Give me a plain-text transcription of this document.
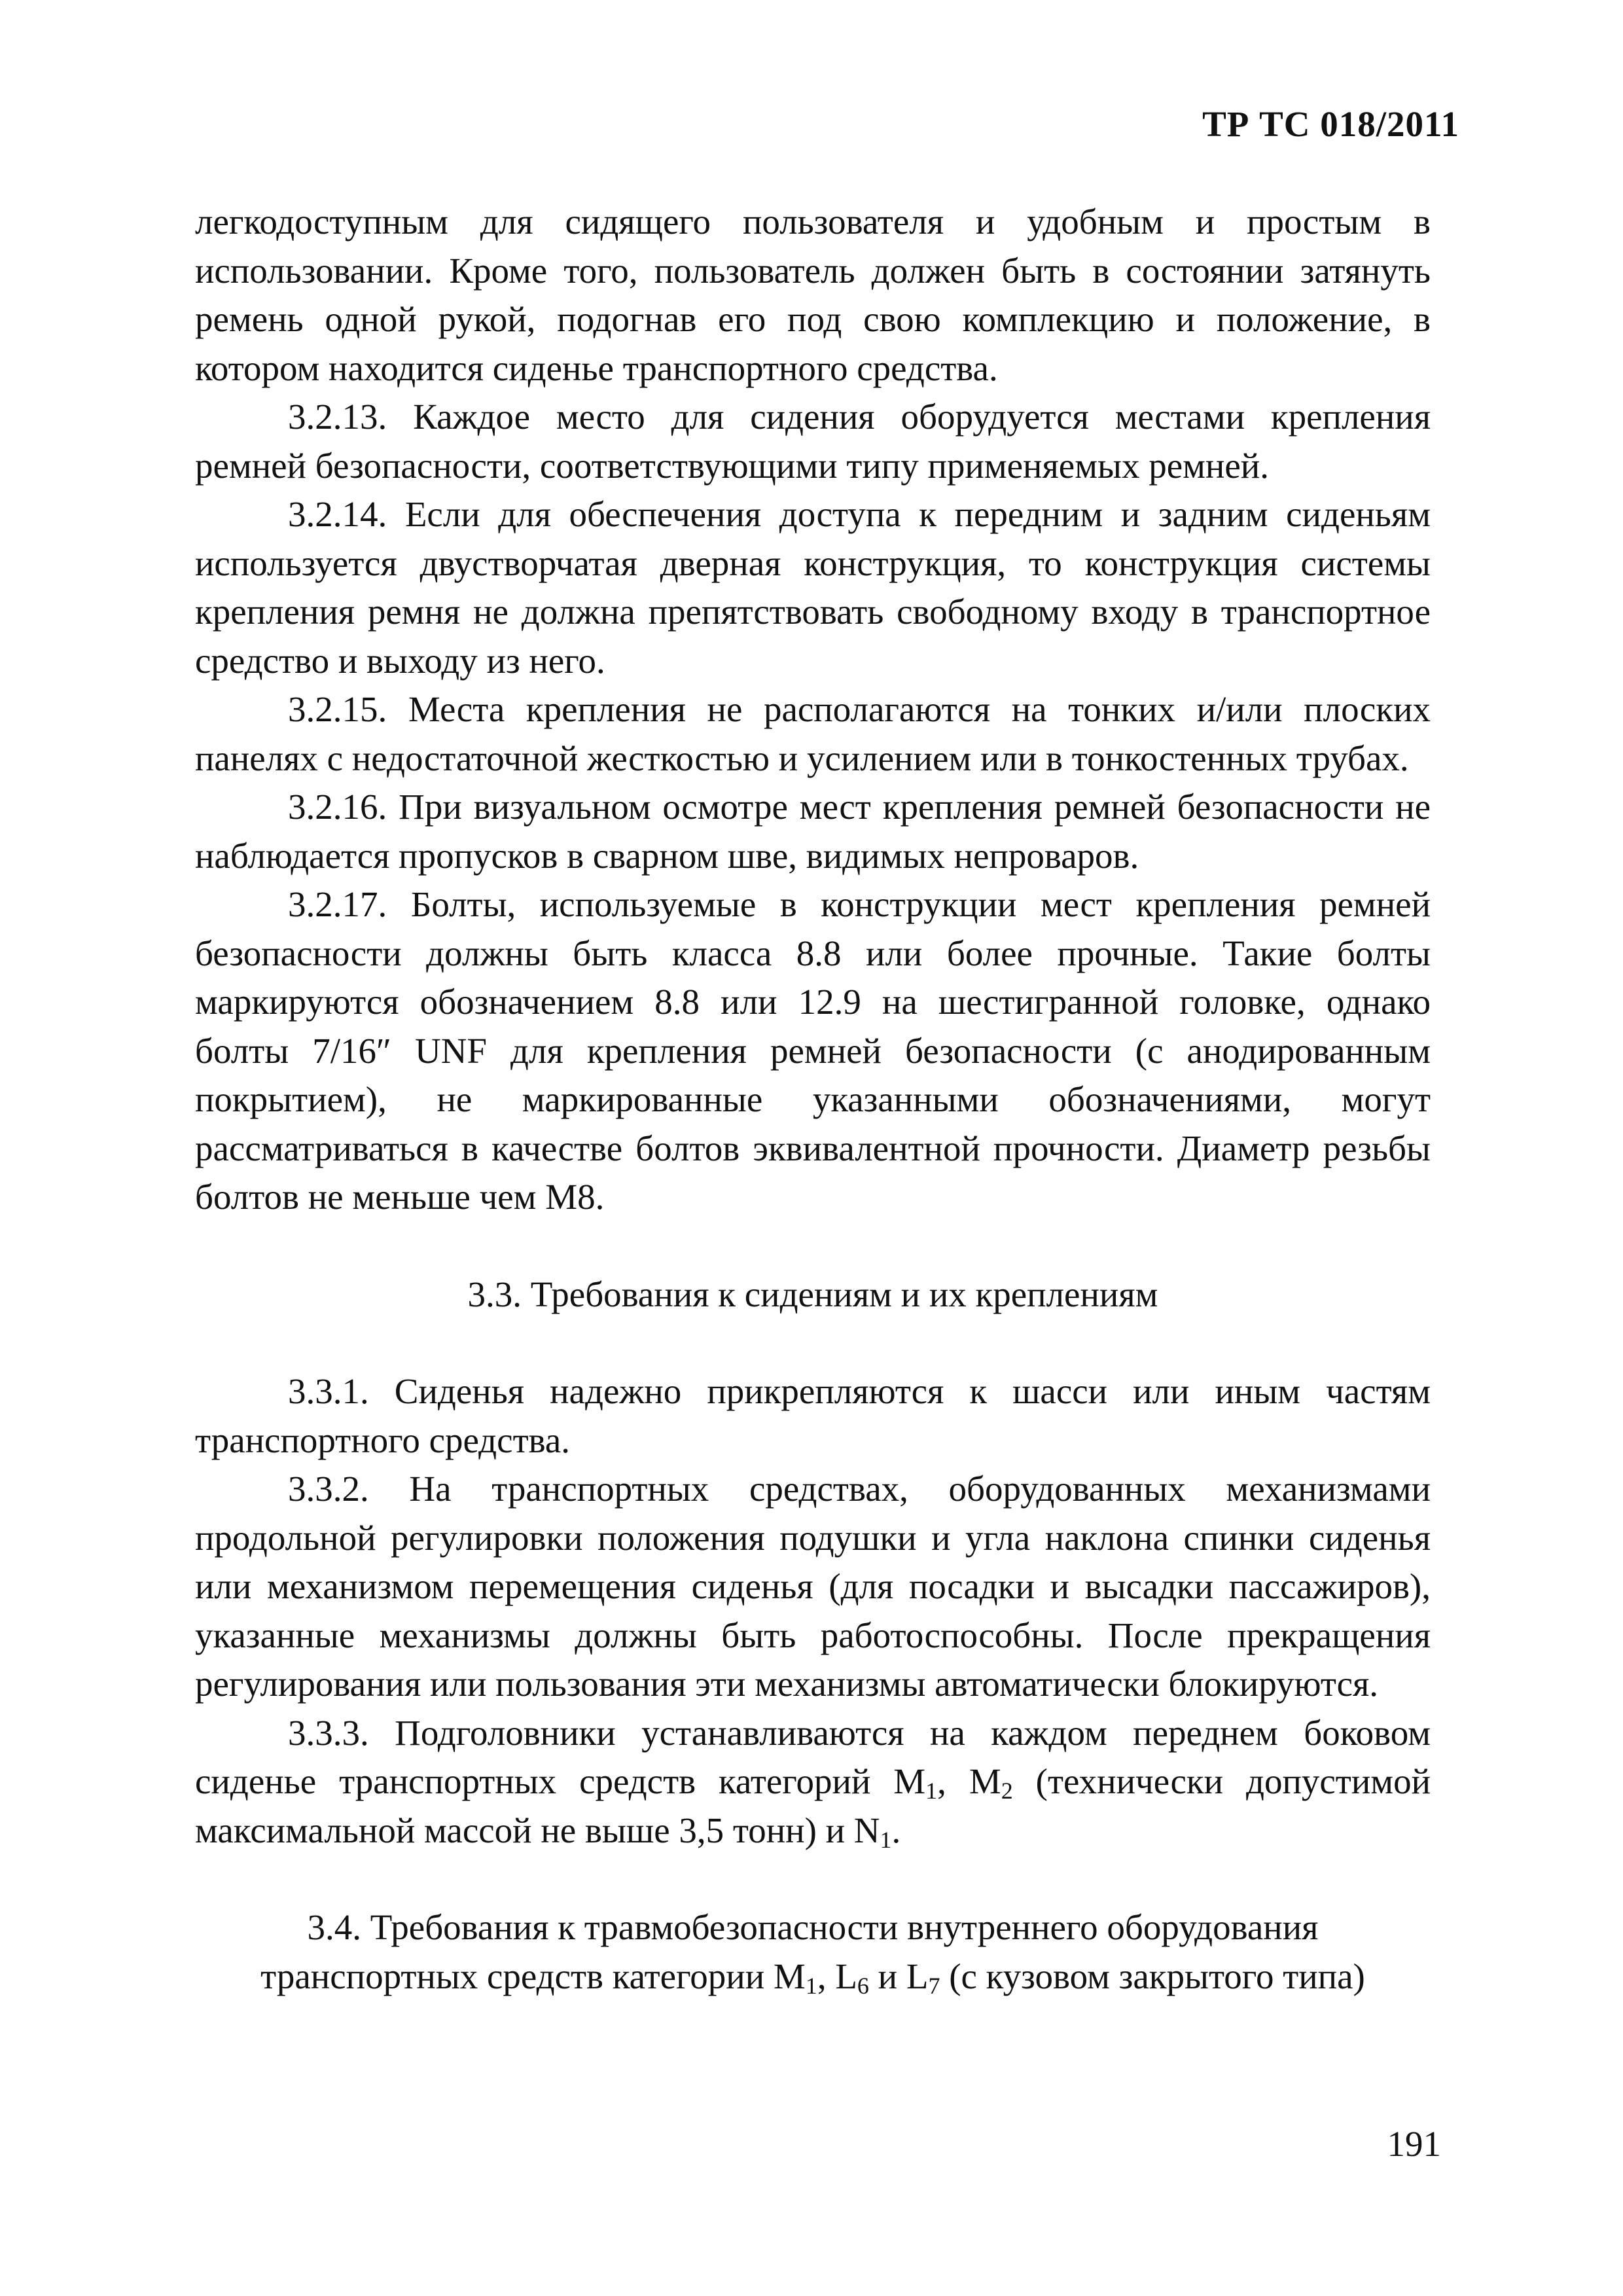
ТР ТС 018/2011

легкодоступным для сидящего пользователя и удобным и простым в использовании. Кроме того, пользователь должен быть в состоянии затянуть ремень одной рукой, подогнав его под свою комплекцию и положение, в котором находится сиденье транспортного средства.

3.2.13. Каждое место для сидения оборудуется местами крепления ремней безопасности, соответствующими типу применяемых ремней.

3.2.14. Если для обеспечения доступа к передним и задним сиденьям используется двустворчатая дверная конструкция, то конструкция системы крепления ремня не должна препятствовать свободному входу в транспортное средство и выходу из него.

3.2.15. Места крепления не располагаются на тонких и/или плоских панелях с недостаточной жесткостью и усилением или в тонкостенных трубах.

3.2.16. При визуальном осмотре мест крепления ремней безопасности не наблюдается пропусков в сварном шве, видимых непроваров.

3.2.17. Болты, используемые в конструкции мест крепления ремней безопасности должны быть класса 8.8 или более прочные. Такие болты маркируются обозначением 8.8 или 12.9 на шестигранной головке, однако болты 7/16″ UNF для крепления ремней безопасности (с анодированным покрытием), не маркированные указанными обозначениями, могут рассматриваться в качестве болтов эквивалентной прочности. Диаметр резьбы болтов не меньше чем М8.

3.3. Требования к сидениям и их креплениям

3.3.1. Сиденья надежно прикрепляются к шасси или иным частям транспортного средства.

3.3.2. На транспортных средствах, оборудованных механизмами продольной регулировки положения подушки и угла наклона спинки сиденья или механизмом перемещения сиденья (для посадки и высадки пассажиров), указанные механизмы должны быть работоспособны. После прекращения регулирования или пользования эти механизмы автоматически блокируются.

3.3.3. Подголовники устанавливаются на каждом переднем боковом сиденье транспортных средств категорий $М_1$, $М_2$ (технически допустимой максимальной массой не выше 3,5 тонн) и $N_1$.

3.4. Требования к травмобезопасности внутреннего оборудования
транспортных средств категории $М_1$, $L_6$ и $L_7$ (с кузовом закрытого типа)
191
